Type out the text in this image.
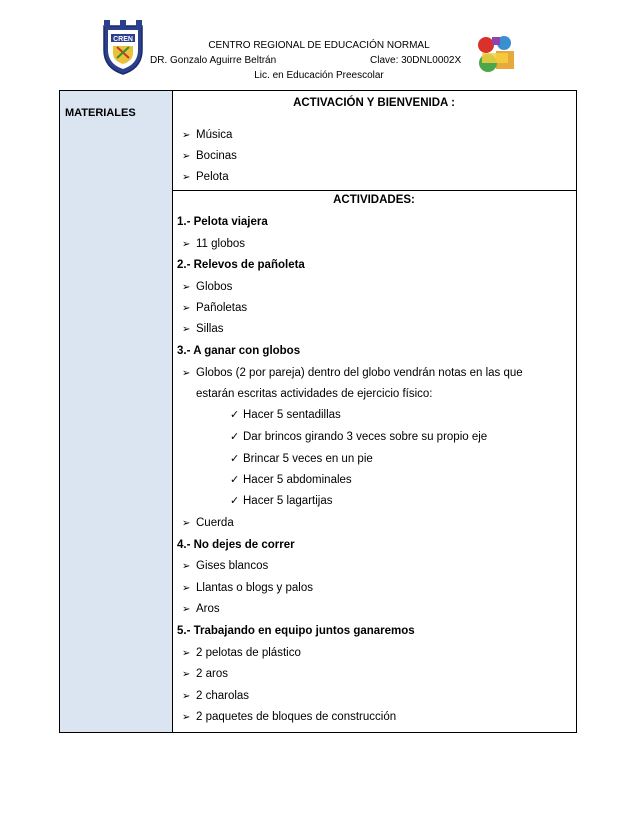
CREN
CENTRO REGIONAL DE EDUCACIÓN NORMAL
DR. Gonzalo Aguirre Beltrán	Clave: 30DNL0002X
Lic. en Educación Preescolar
MATERIALES
ACTIVACIÓN Y BIENVENIDA :
➢ Música
➢ Bocinas
➢ Pelota
ACTIVIDADES:
1.- Pelota viajera
➢ 11 globos
2.- Relevos de pañoleta
➢ Globos
➢ Pañoletas
➢ Sillas
3.- A ganar con globos
➢ Globos (2 por pareja) dentro del globo vendrán notas en las que
estarán escritas actividades de ejercicio físico:
✓ Hacer 5 sentadillas
✓ Dar brincos girando 3 veces sobre su propio eje
✓ Brincar 5 veces en un pie
✓ Hacer 5 abdominales
✓ Hacer 5 lagartijas
➢ Cuerda
4.- No dejes de correr
➢ Gises blancos
➢ Llantas o blogs y palos
➢ Aros
5.- Trabajando en equipo juntos ganaremos
➢ 2 pelotas de plástico
➢ 2 aros
➢ 2 charolas
➢ 2 paquetes de bloques de construcción
